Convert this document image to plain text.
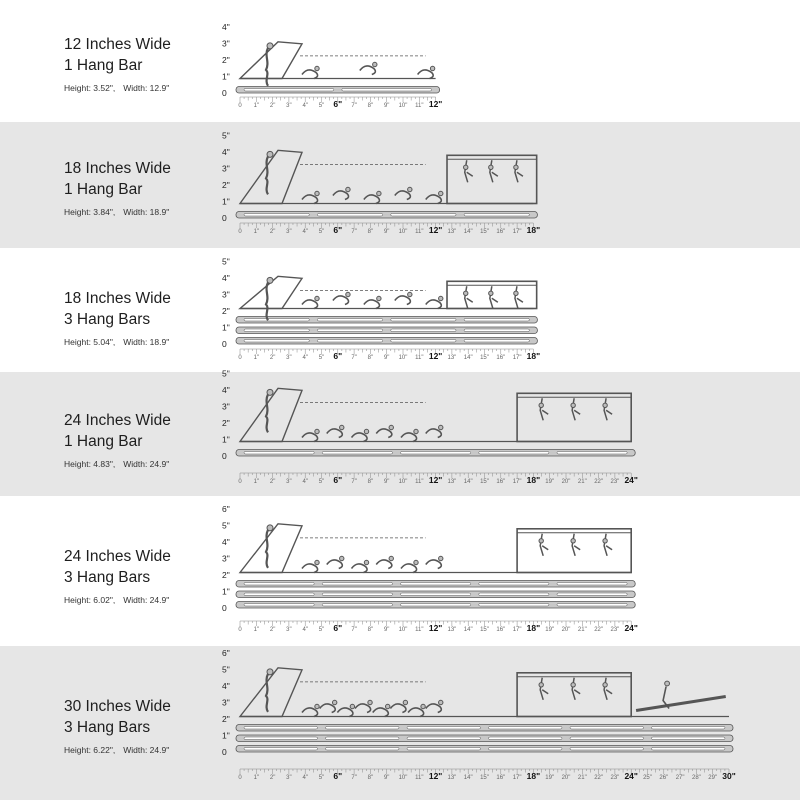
12 Inches Wide
1 Hang Bar
Height: 3.52", Width: 12.9"
4"
3"
2"
1"
0
0 1" 2" 3" 4" 5" 6" 7" 8" 9" 10" 11" 12"
18 Inches Wide
1 Hang Bar
Height: 3.84", Width: 18.9"
5"
4"
3"
2"
1"
0
0 1" 2" 3" 4" 5" 6" 7" 8" 9" 10" 11" 12" 13" 14" 15" 16" 17" 18"
18 Inches Wide
3 Hang Bars
Height: 5.04", Width: 18.9"
5"
4"
3"
2"
1"
0
0 1" 2" 3" 4" 5" 6" 7" 8" 9" 10" 11" 12" 13" 14" 15" 16" 17" 18"
24 Inches Wide
1 Hang Bar
Height: 4.83", Width: 24.9"
5"
4"
3"
2"
1"
0
0 1" 2" 3" 4" 5" 6" 7" 8" 9" 10" 11" 12" 13" 14" 15" 16" 17" 18" 19" 20" 21" 22" 23" 24"
24 Inches Wide
3 Hang Bars
Height: 6.02", Width: 24.9"
6"
5"
4"
3"
2"
1"
0
0 1" 2" 3" 4" 5" 6" 7" 8" 9" 10" 11" 12" 13" 14" 15" 16" 17" 18" 19" 20" 21" 22" 23" 24"
30 Inches Wide
3 Hang Bars
Height: 6.22", Width: 24.9"
6"
5"
4"
3"
2"
1"
0
0 1" 2" 3" 4" 5" 6" 7" 8" 9" 10" 11" 12" 13" 14" 15" 16" 17" 18" 19" 20" 21" 22" 23" 24" 25" 26" 27" 28" 29" 30"
